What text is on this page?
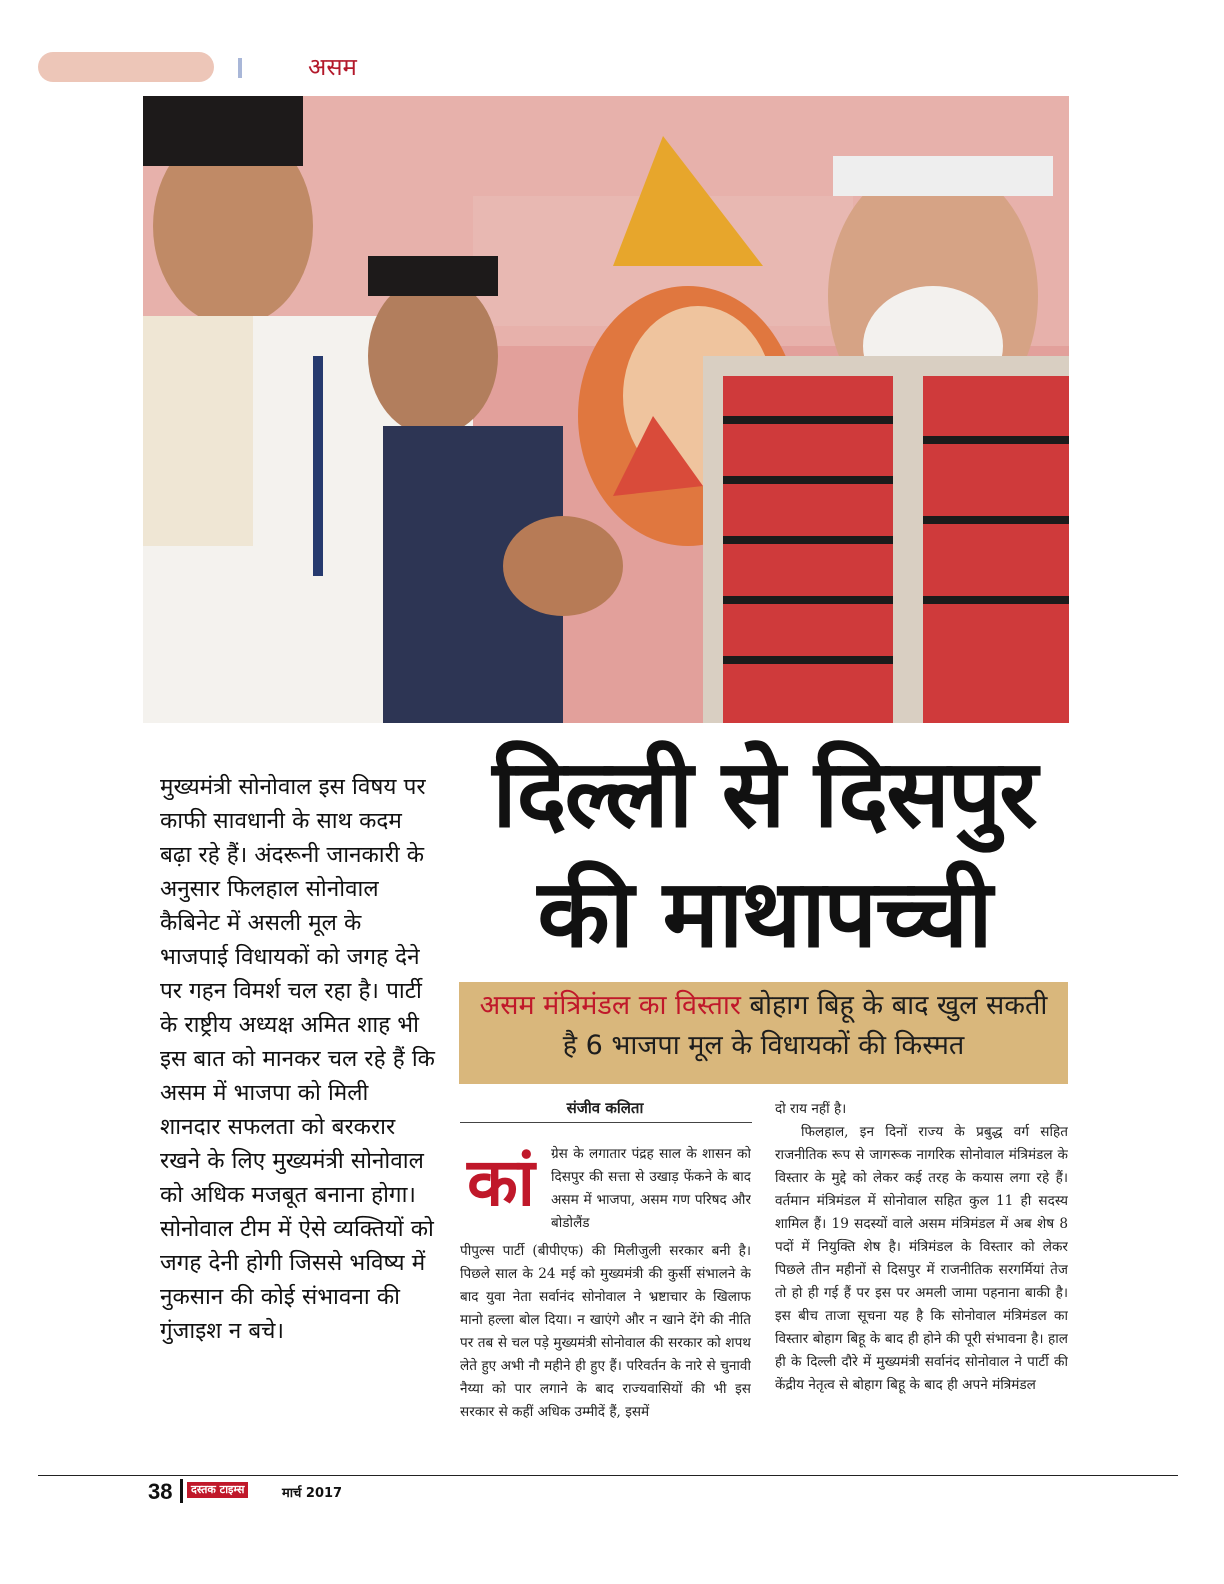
असम
मुख्यमंत्री सोनोवाल इस विषय पर काफी सावधानी के साथ कदम बढ़ा रहे हैं। अंदरूनी जानकारी के अनुसार फिलहाल सोनोवाल कैबिनेट में असली मूल के भाजपाई विधायकों को जगह देने पर गहन विमर्श चल रहा है। पार्टी के राष्ट्रीय अध्यक्ष अमित शाह भी इस बात को मानकर चल रहे हैं कि असम में भाजपा को मिली शानदार सफलता को बरकरार रखने के लिए मुख्यमंत्री सोनोवाल को अधिक मजबूत बनाना होगा। सोनोवाल टीम में ऐसे व्यक्तियों को जगह देनी होगी जिससे भविष्य में नुकसान की कोई संभावना की गुंजाइश न बचे।
दिल्ली से दिसपुर
की माथापच्ची
असम मंत्रिमंडल का विस्तार बोहाग बिहू के बाद खुल सकती है 6 भाजपा मूल के विधायकों की किस्मत
संजीव कलिता
कां	ग्रेस के लगातार पंद्रह साल के शासन को दिसपुर की सत्ता से उखाड़ फेंकने के बाद असम में भाजपा, असम गण परिषद और बोडोलैंड
पीपुल्स पार्टी (बीपीएफ) की मिलीजुली सरकार बनी है। पिछले साल के 24 मई को मुख्यमंत्री की कुर्सी संभालने के बाद युवा नेता सर्वानंद सोनोवाल ने भ्रष्टाचार के खिलाफ मानो हल्ला बोल दिया। न खाएंगे और न खाने देंगे की नीति पर तब से चल पड़े मुख्यमंत्री सोनोवाल की सरकार को शपथ लेते हुए अभी नौ महीने ही हुए हैं। परिवर्तन के नारे से चुनावी नैय्या को पार लगाने के बाद राज्यवासियों की भी इस सरकार से कहीं अधिक उम्मीदें हैं, इसमें

दो राय नहीं है।

फिलहाल, इन दिनों राज्य के प्रबुद्ध वर्ग सहित राजनीतिक रूप से जागरूक नागरिक सोनोवाल मंत्रिमंडल के विस्तार के मुद्दे को लेकर कई तरह के कयास लगा रहे हैं। वर्तमान मंत्रिमंडल में सोनोवाल सहित कुल 11 ही सदस्य शामिल हैं। 19 सदस्यों वाले असम मंत्रिमंडल में अब शेष 8 पदों में नियुक्ति शेष है। मंत्रिमंडल के विस्तार को लेकर पिछले तीन महीनों से दिसपुर में राजनीतिक सरगर्मियां तेज तो हो ही गई हैं पर इस पर अमली जामा पहनाना बाकी है। इस बीच ताजा सूचना यह है कि सोनोवाल मंत्रिमंडल का विस्तार बोहाग बिहू के बाद ही होने की पूरी संभावना है। हाल ही के दिल्ली दौरे में मुख्यमंत्री सर्वानंद सोनोवाल ने पार्टी की केंद्रीय नेतृत्व से बोहाग बिहू के बाद ही अपने मंत्रिमंडल

38	दस्तक टाइम्स	मार्च 2017
